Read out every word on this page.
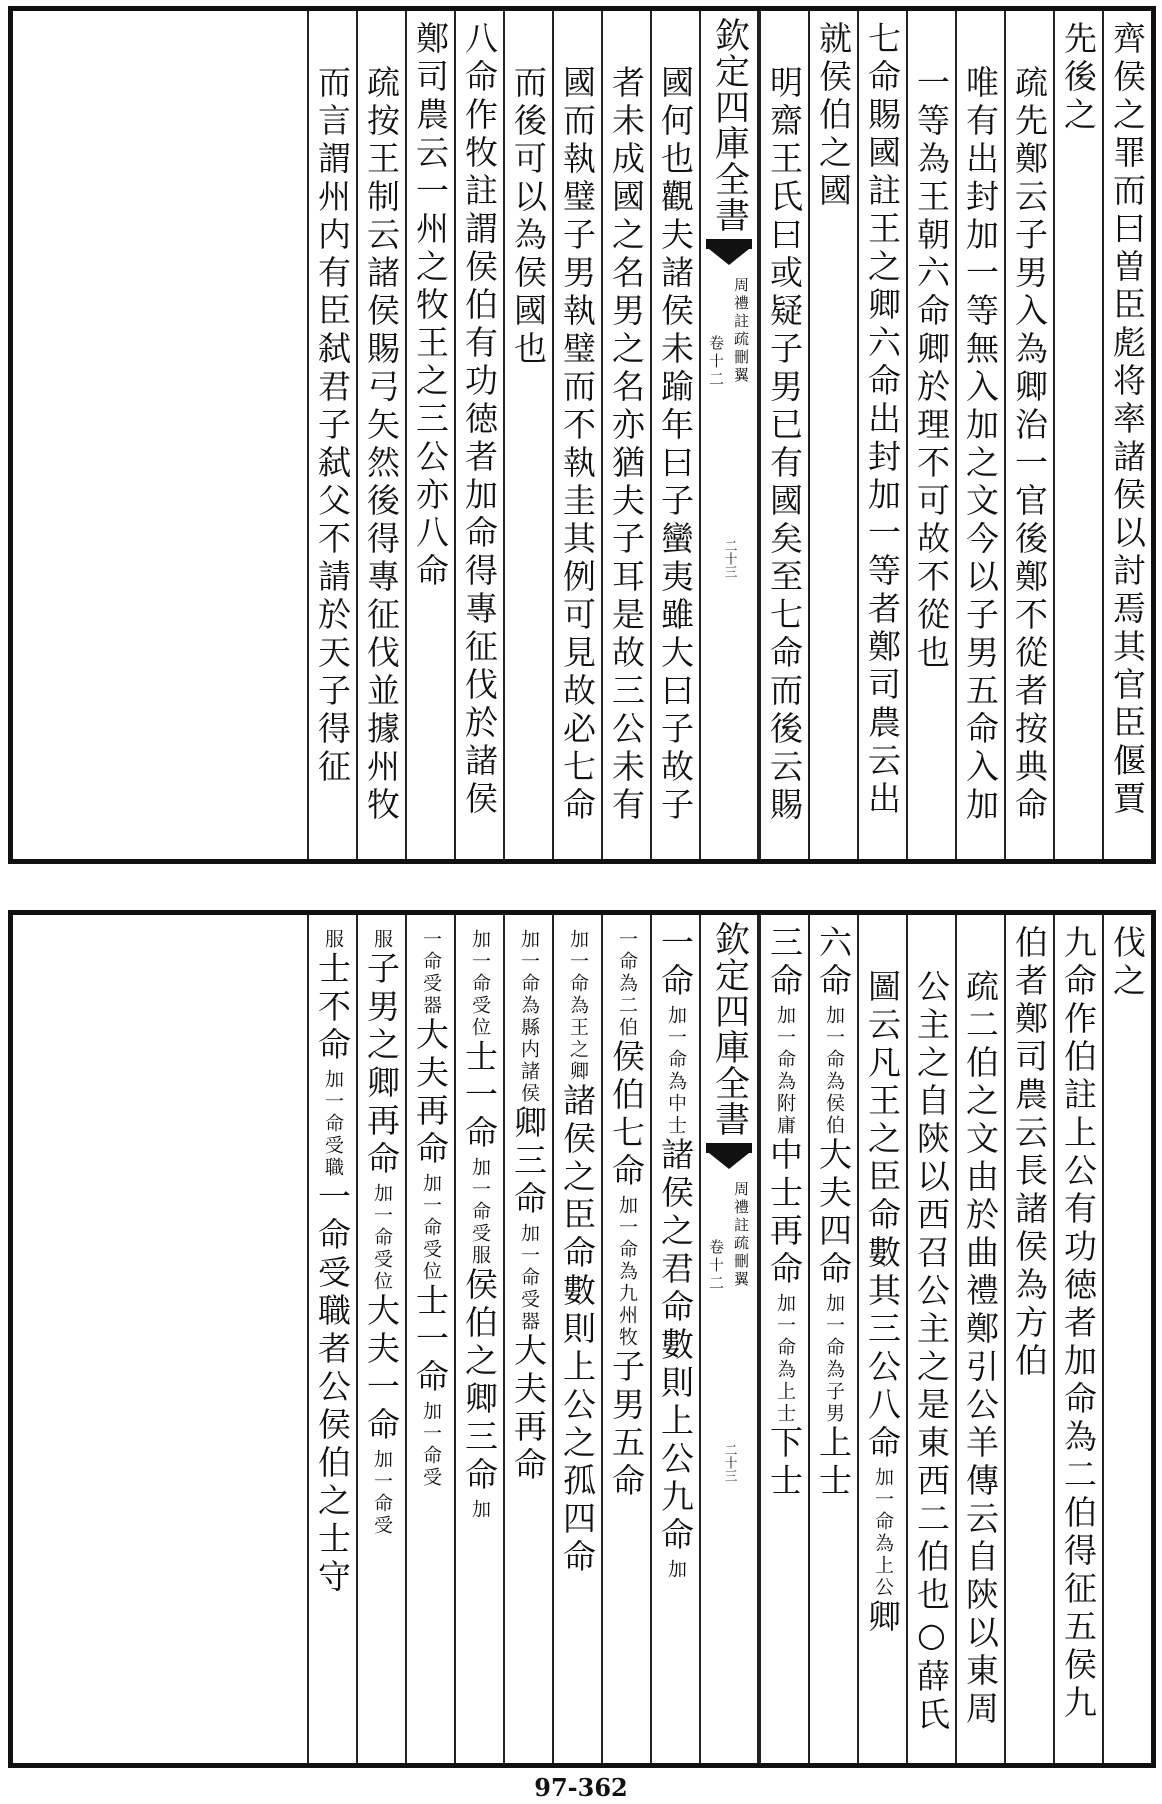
齊侯之罪而曰曽臣彪将率諸侯以討焉其官臣偃賈
先後之
疏先鄭云子男入為卿治一官後鄭不從者按典命
唯有出封加一等無入加之文今以子男五命入加
一等為王朝六命卿於理不可故不從也
七命賜國註王之卿六命出封加一等者鄭司農云出
就侯伯之國
明齋王氏曰或疑子男已有國矣至七命而後云賜
欽定四庫全書
周禮註疏刪翼
卷十二
二十三
國何也觀夫諸侯未踰年曰子蠻夷雖大曰子故子
者未成國之名男之名亦猶夫子耳是故三公未有
國而執璧子男執璧而不執圭其例可見故必七命
而後可以為侯國也
八命作牧註謂侯伯有功徳者加命得專征伐於諸侯
鄭司農云一州之牧王之三公亦八命
疏按王制云諸侯賜弓矢然後得專征伐並據州牧
而言謂州内有臣弑君子弑父不請於天子得征
伐之
九命作伯註上公有功徳者加命為二伯得征五侯九
伯者鄭司農云長諸侯為方伯
疏二伯之文由於曲禮鄭引公羊傳云自陝以東周
公主之自陝以西召公主之是東西二伯也○薛氏
圖云凡王之臣命數其三公八命
加一命為上公
卿
六命
加一命為侯伯
大夫四命
加一命為子男
上士
三命
加一命為附庸
中士再命
加一命為上士
下士
欽定四庫全書
周禮註疏刪翼
卷十二
二十三
一命
加一命為中士
諸侯之君命數則上公九命
加
一命為二伯
侯伯七命
加一命為九州牧
子男五命
加一命為王之卿
諸侯之臣命數則上公之孤四命
加一命為縣内諸侯
卿三命
加一命受器
大夫再命
加一命受位
士一命
加一命受服
侯伯之卿三命
加
一命受器
大夫再命
加一命受位
士一命
加一命受
服
子男之卿再命
加一命受位
大夫一命
加一命受
服
士不命
加一命受職
一命受職者公侯伯之士守
97-362
